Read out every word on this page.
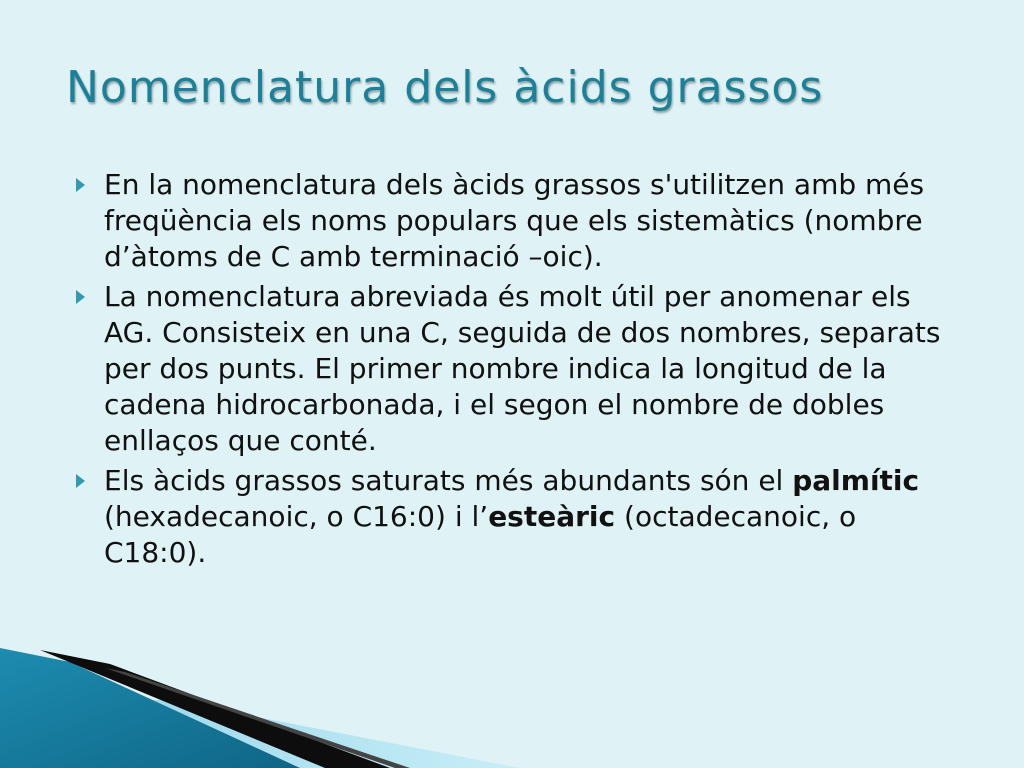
Nomenclatura dels àcids grassos
En la nomenclatura dels àcids grassos s'utilitzen amb més freqüència els noms populars que els sistemàtics (nombre d’àtoms de C amb terminació –oic).
La nomenclatura abreviada és molt útil per anomenar els AG. Consisteix en una C, seguida de dos nombres, separats per dos punts. El primer nombre indica la longitud de la cadena hidrocarbonada, i el segon el nombre de dobles enllaços que conté.
Els àcids grassos saturats més abundants són el palmític (hexadecanoic, o C16:0) i l’esteàric (octadecanoic, o C18:0).
